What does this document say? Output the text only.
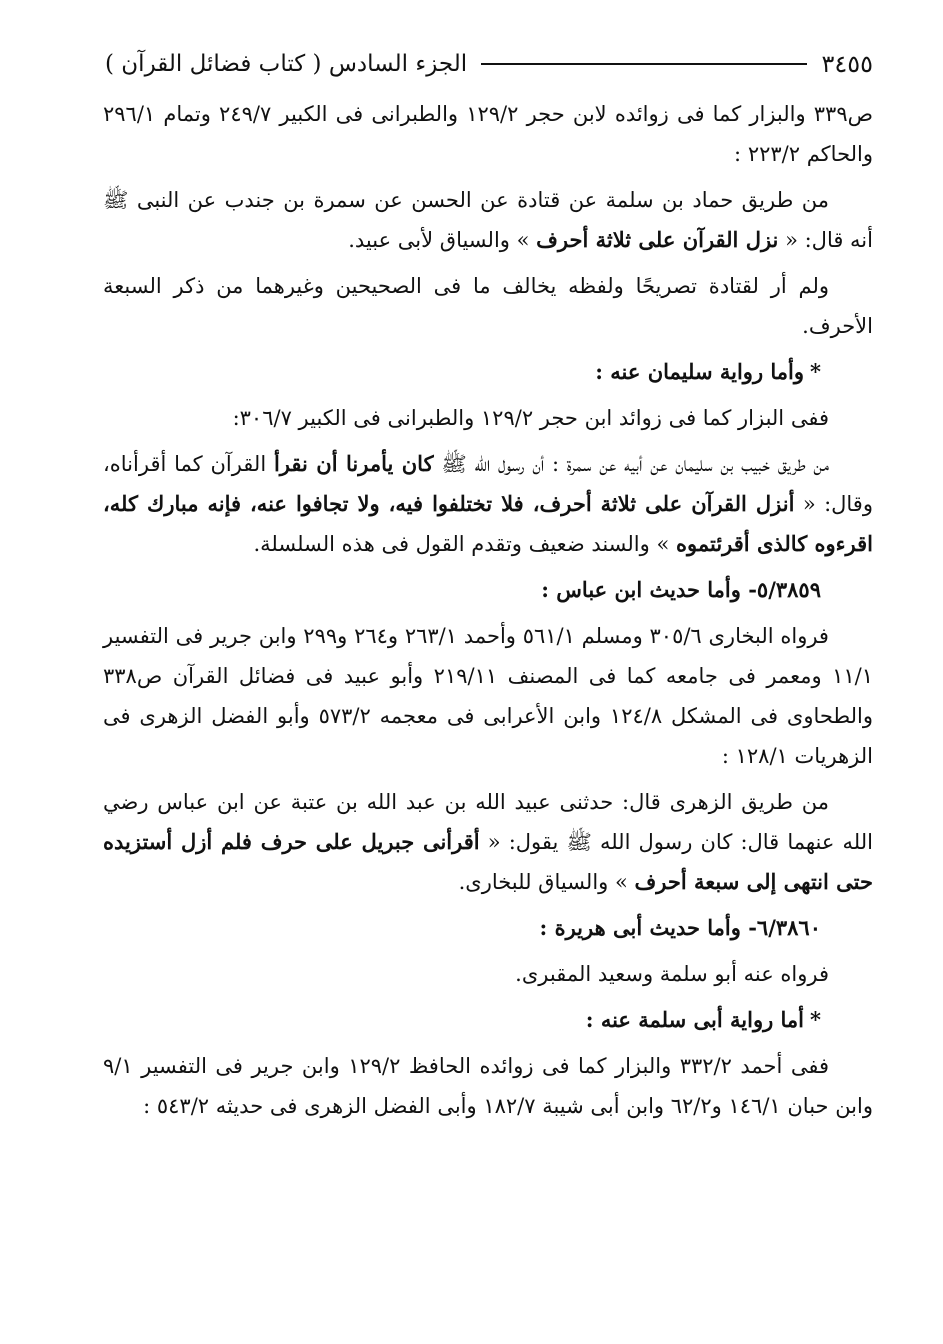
الجزء السادس ( كتاب فضائل القرآن )	٣٤٥٥

ص٣٣٩ والبزار كما فى زوائده لابن حجر ١٢٩/٢ والطبرانى فى الكبير ٢٤٩/٧ وتمام ٢٩٦/١ والحاكم ٢٢٣/٢ :

من طريق حماد بن سلمة عن قتادة عن الحسن عن سمرة بن جندب عن النبى ﷺ أنه قال: « نزل القرآن على ثلاثة أحرف » والسياق لأبى عبيد.

ولم أر لقتادة تصريحًا ولفظه يخالف ما فى الصحيحين وغيرهما من ذكر السبعة الأحرف.

*وأما رواية سليمان عنه :

ففى البزار كما فى زوائد ابن حجر ١٢٩/٢ والطبرانى فى الكبير ٣٠٦/٧:

من طريق خبيب بن سليمان عن أبيه عن سمرة : أن رسول الله ﷺ كان يأمرنا أن نقرأ القرآن كما أقرأناه، وقال: « أنزل القرآن على ثلاثة أحرف، فلا تختلفوا فيه، ولا تجافوا عنه، فإنه مبارك كله، اقرءوه كالذى أقرئتموه » والسند ضعيف وتقدم القول فى هذه السلسلة.

٥/٣٨٥٩- وأما حديث ابن عباس :

فرواه البخارى ٣٠٥/٦ ومسلم ٥٦١/١ وأحمد ٢٦٣/١ و٢٦٤ و٢٩٩ وابن جرير فى التفسير ١١/١ ومعمر فى جامعه كما فى المصنف ٢١٩/١١ وأبو عبيد فى فضائل القرآن ص٣٣٨ والطحاوى فى المشكل ١٢٤/٨ وابن الأعرابى فى معجمه ٥٧٣/٢ وأبو الفضل الزهرى فى الزهريات ١٢٨/١ :

من طريق الزهرى قال: حدثنى عبيد الله بن عبد الله بن عتبة عن ابن عباس رضي الله عنهما قال: كان رسول الله ﷺ يقول: « أقرأنى جبريل على حرف فلم أزل أستزيده حتى انتهى إلى سبعة أحرف » والسياق للبخارى.

٦/٣٨٦٠- وأما حديث أبى هريرة :

فرواه عنه أبو سلمة وسعيد المقبرى.

*أما رواية أبى سلمة عنه :

ففى أحمد ٣٣٢/٢ والبزار كما فى زوائده الحافظ ١٢٩/٢ وابن جرير فى التفسير ٩/١ وابن حبان ١٤٦/١ و٦٢/٢ وابن أبى شيبة ١٨٢/٧ وأبى الفضل الزهرى فى حديثه ٥٤٣/٢ :
